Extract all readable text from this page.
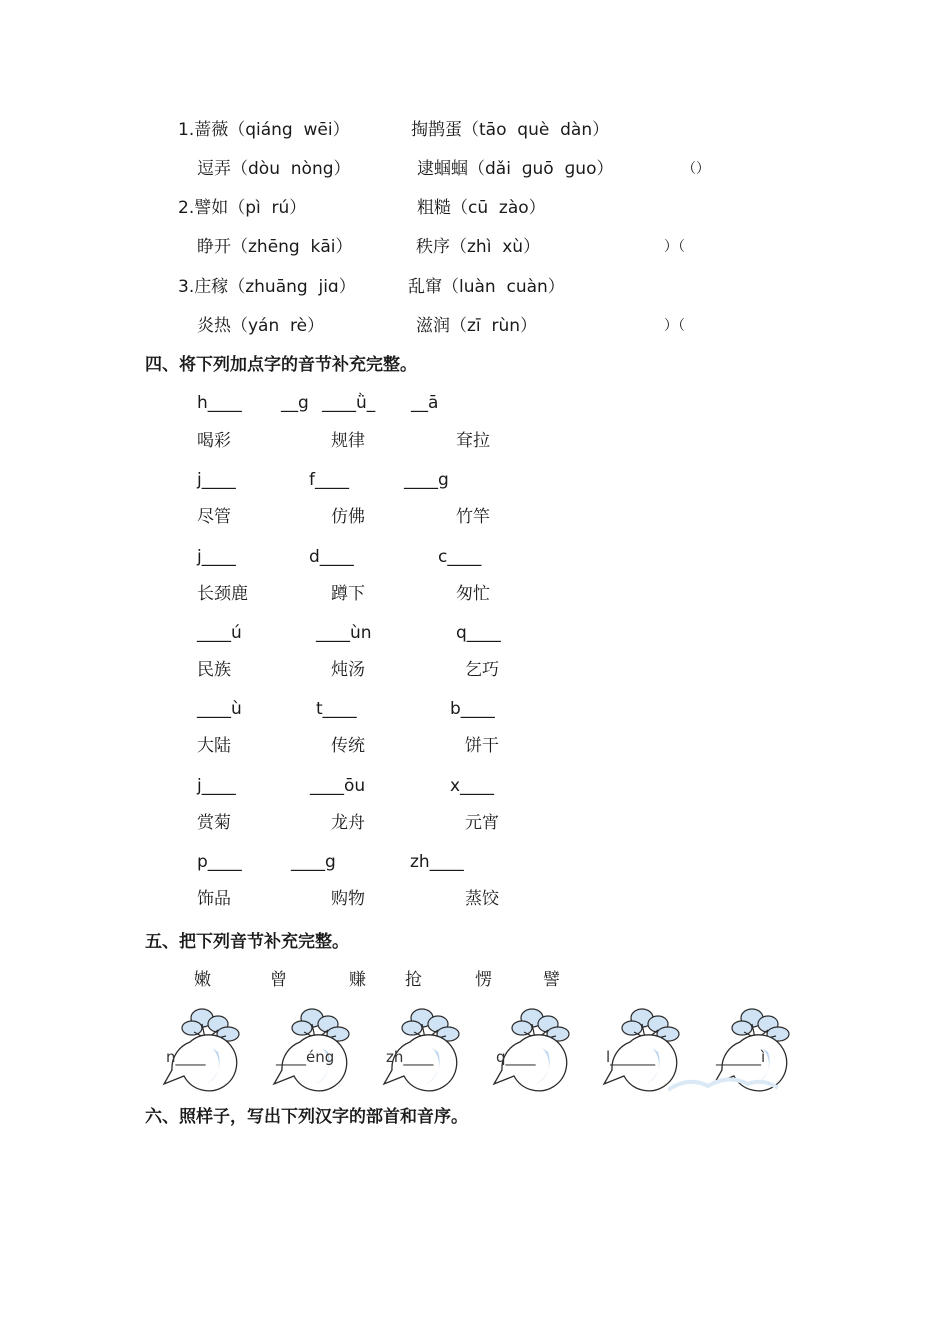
1.蔷薇（qiáng  wēi）	掏鹊蛋（tāo  què  dàn）
逗弄（dòu  nòng）	逮蝈蝈（dǎi  ɡuō  ɡuo）	（）
2.譬如（pì  rú）	粗糙（cū  zào）
睁开（zhēng  kāi）	秩序（zhì  xù）	）（
3.庄稼（zhuāng  jiɑ）	乱窜（luàn  cuàn）
炎热（yán  rè）	滋润（zī  rùn）	）（
四、将下列加点字的音节补充完整。
h____ __g ____ǜ_ __ā
喝彩	规律	耷拉
j____	f____	____g
尽管	仿佛	竹竿
j____	d____	c____
长颈鹿	蹲下	匆忙
____ú	____ùn	q____
民族	炖汤	乞巧
____ù	t____	b____
大陆	传统	饼干
j____	____ōu	x____
赏菊	龙舟	元宵
p____	____g	zh____
饰品	购物	蒸饺
五、把下列音节补充完整。
嫩	曾	赚 抢	愣	譬
n____	____éng	zh____	q____	l______	______ì
六、照样子，写出下列汉字的部首和音序。
